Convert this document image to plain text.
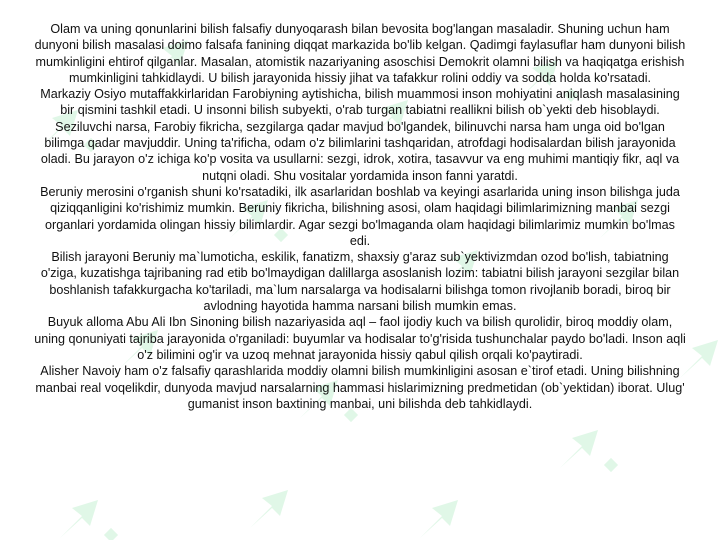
Olam va uning qonunlarini bilish falsafiy dunyoqarash bilan bevosita bog'langan masaladir. Shuning uchun ham dunyoni bilish masalasi doimo falsafa fanining diqqat markazida bo'lib kelgan. Qadimgi faylasuflar ham dunyoni bilish mumkinligini ehtirof qilganlar. Masalan, atomistik nazariyaning asoschisi Demokrit olamni bilish va haqiqatga erishish mumkinligini tahkidlaydi. U bilish jarayonida hissiy jihat va tafakkur rolini oddiy va sodda holda ko'rsatadi.

Markaziy Osiyo mutaffakkirlaridan Farobiyning aytishicha, bilish muammosi inson mohiyatini aniqlash masalasining bir qismini tashkil etadi. U insonni bilish subyekti, o'rab turgan tabiatni reallikni bilish ob`yekti deb hisoblaydi. Seziluvchi narsa, Farobiy fikricha, sezgilarga qadar mavjud bo'lgandek, bilinuvchi narsa ham unga oid bo'lgan bilimga qadar mavjuddir. Uning ta'rificha, odam o'z bilimlarini tashqaridan, atrofdagi hodisalardan bilish jarayonida oladi. Bu jarayon o'z ichiga ko'p vosita va usullarni: sezgi, idrok, xotira, tasavvur va eng muhimi mantiqiy fikr, aql va nutqni oladi. Shu vositalar yordamida inson fanni yaratdi.

Beruniy merosini o'rganish shuni ko'rsatadiki, ilk asarlaridan boshlab va keyingi asarlarida uning inson bilishga juda qiziqqanligini ko'rishimiz mumkin. Beruniy fikricha, bilishning asosi, olam haqidagi bilimlarimizning manbai sezgi organlari yordamida olingan hissiy bilimlardir. Agar sezgi bo'lmaganda olam haqidagi bilimlarimiz mumkin bo'lmas edi.

Bilish jarayoni Beruniy ma`lumoticha, eskilik, fanatizm, shaxsiy g'araz sub`yektivizmdan ozod bo'lish, tabiatning o'ziga, kuzatishga tajribaning rad etib bo'lmaydigan dalillarga asoslanish lozim: tabiatni bilish jarayoni sezgilar bilan boshlanish tafakkurgacha ko'tariladi, ma`lum narsalarga va hodisalarni bilishga tomon rivojlanib boradi, biroq bir avlodning hayotida hamma narsani bilish mumkin emas.

Buyuk alloma Abu Ali Ibn Sinoning bilish nazariyasida aql – faol ijodiy kuch va bilish qurolidir, biroq moddiy olam, uning qonuniyati tajriba jarayonida o'rganiladi: buyumlar va hodisalar to'g'risida tushunchalar paydo bo'ladi. Inson aqli o'z bilimini og'ir va uzoq mehnat jarayonida hissiy qabul qilish orqali ko'paytiradi.

Alisher Navoiy ham o'z falsafiy qarashlarida moddiy olamni bilish mumkinligini asosan e`tirof etadi. Uning bilishning manbai real voqelikdir, dunyoda mavjud narsalarning hammasi hislarimizning predmetidan (ob`yektidan) iborat. Ulug' gumanist inson baxtining manbai, uni bilishda deb tahkidlaydi.
